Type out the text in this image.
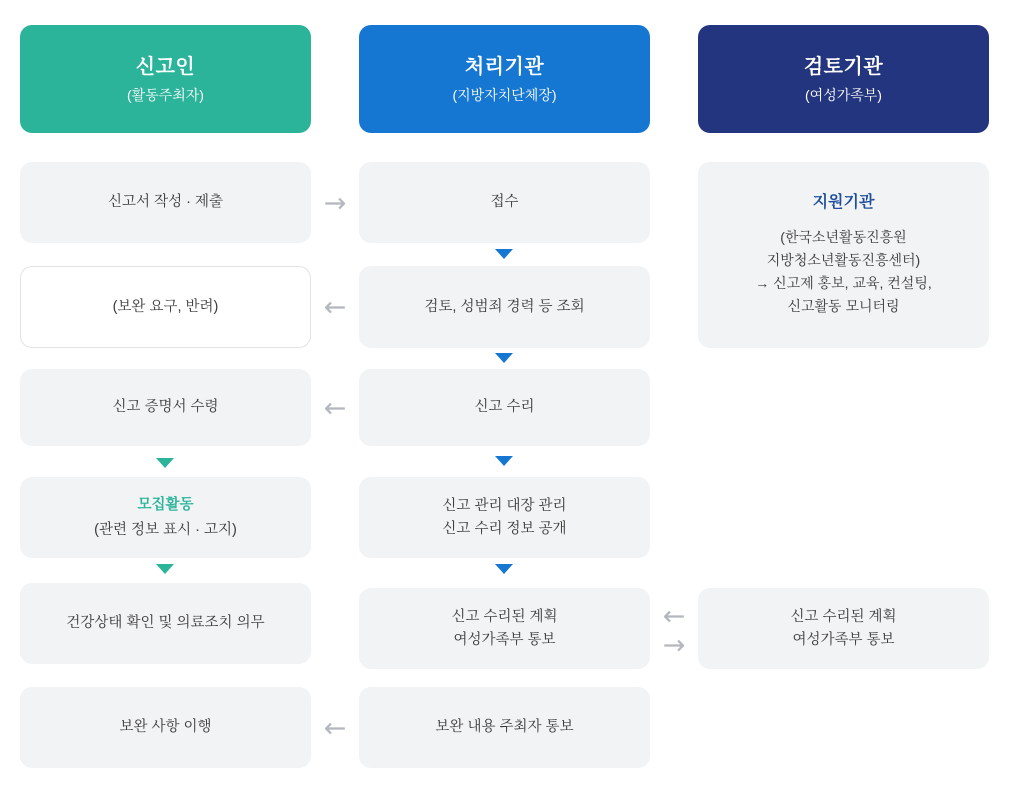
신고인
(활동주최자)
처리기관
(지방자치단체장)
검토기관
(여성가족부)
신고서 작성 · 제출
(보완 요구, 반려)
신고 증명서 수령
모집활동
(관련 정보 표시 · 고지)
건강상태 확인 및 의료조치 의무
보완 사항 이행
접수
검토, 성범죄 경력 등 조회
신고 수리
신고 관리 대장 관리
신고 수리 정보 공개
신고 수리된 계획
여성가족부 통보
보완 내용 주최자 통보
지원기관
(한국소년활동진흥원
지방청소년활동진흥센터)
→ 신고제 홍보, 교육, 컨설팅,
신고활동 모니터링
신고 수리된 계획
여성가족부 통보
→
←
←
←
←
→
